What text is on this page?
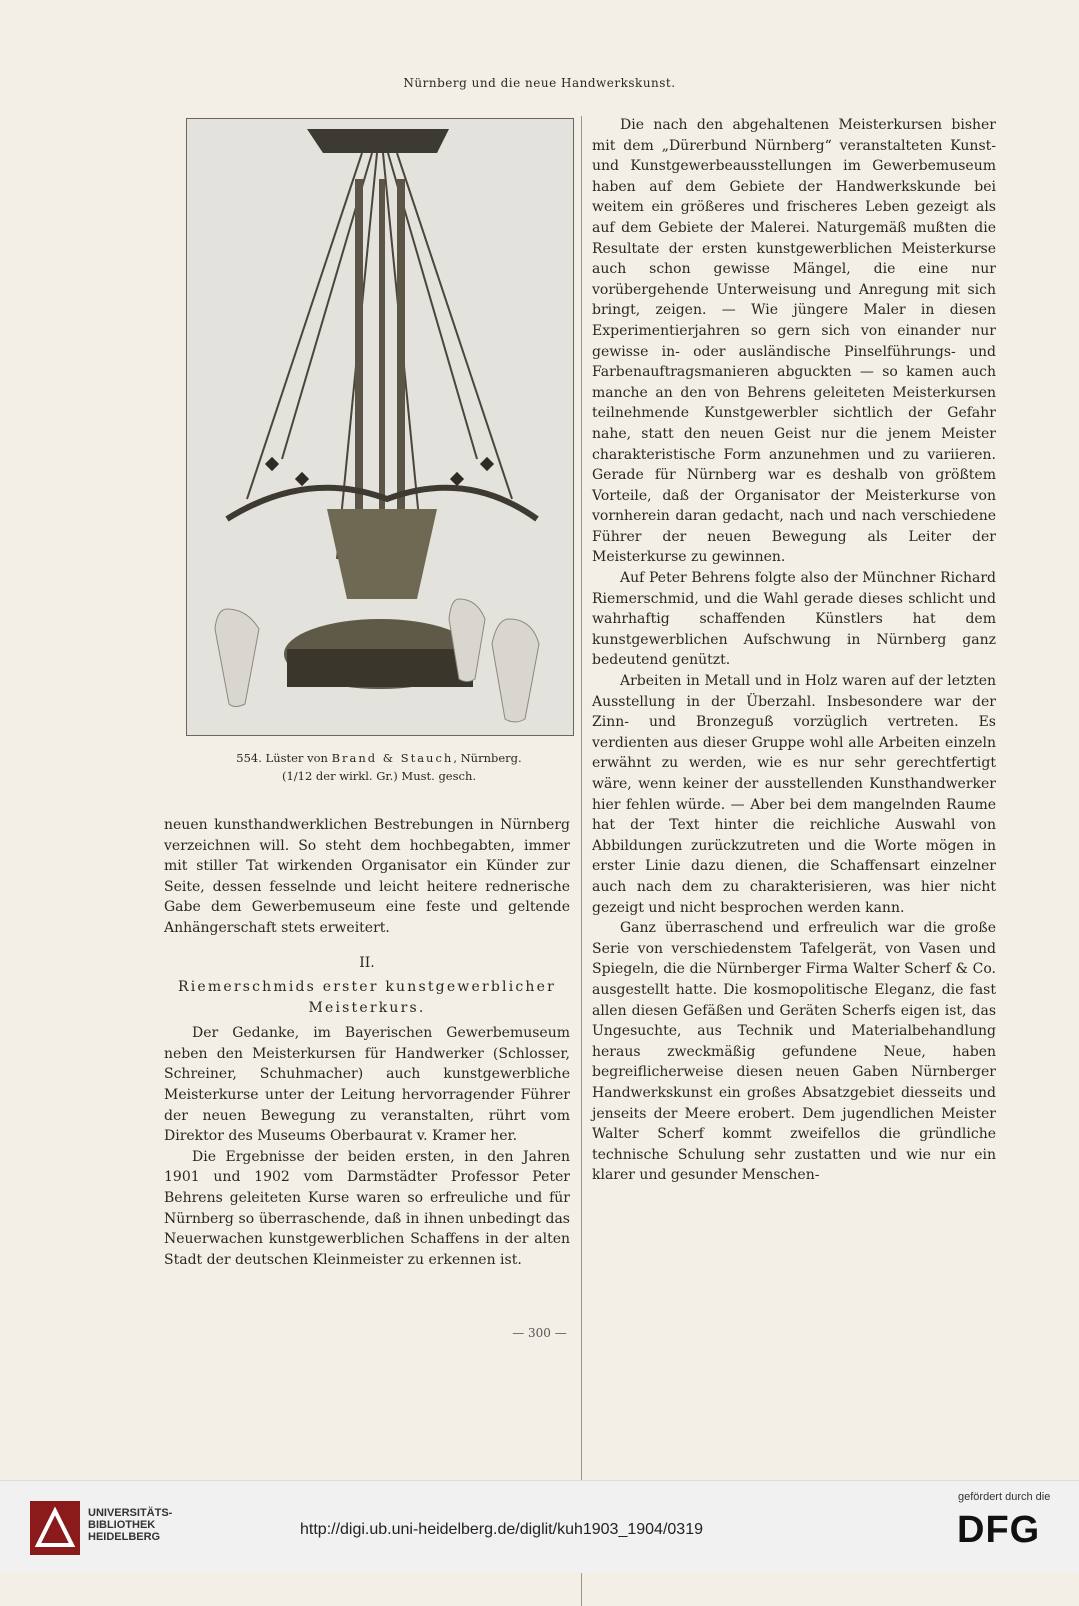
Nürnberg und die neue Handwerkskunst.
554. Lüster von Brand & Stauch, Nürnberg.
(1/12 der wirkl. Gr.) Must. gesch.

neuen kunsthandwerklichen Bestrebungen in Nürnberg verzeichnen will. So steht dem hochbegabten, immer mit stiller Tat wirkenden Organisator ein Künder zur Seite, dessen fesselnde und leicht heitere rednerische Gabe dem Gewerbemuseum eine feste und geltende Anhängerschaft stets erweitert.

II.
Riemerschmids erster kunstgewerblicher
Meisterkurs.

Der Gedanke, im Bayerischen Gewerbemuseum neben den Meisterkursen für Handwerker (Schlosser, Schreiner, Schuhmacher) auch kunstgewerbliche Meisterkurse unter der Leitung hervorragender Führer der neuen Bewegung zu veranstalten, rührt vom Direktor des Museums Oberbaurat v. Kramer her.

Die Ergebnisse der beiden ersten, in den Jahren 1901 und 1902 vom Darmstädter Professor Peter Behrens geleiteten Kurse waren so erfreuliche und für Nürnberg so überraschende, daß in ihnen unbedingt das Neuerwachen kunstgewerblichen Schaffens in der alten Stadt der deutschen Kleinmeister zu erkennen ist.

Die nach den abgehaltenen Meisterkursen bisher mit dem „Dürerbund Nürnberg“ veranstalteten Kunst- und Kunstgewerbeausstellungen im Gewerbemuseum haben auf dem Gebiete der Handwerkskunde bei weitem ein größeres und frischeres Leben gezeigt als auf dem Gebiete der Malerei. Naturgemäß mußten die Resultate der ersten kunstgewerblichen Meisterkurse auch schon gewisse Mängel, die eine nur vorübergehende Unterweisung und Anregung mit sich bringt, zeigen. — Wie jüngere Maler in diesen Experimentierjahren so gern sich von einander nur gewisse in- oder ausländische Pinselführungs- und Farbenauftragsmanieren abguckten — so kamen auch manche an den von Behrens geleiteten Meisterkursen teilnehmende Kunstgewerbler sichtlich der Gefahr nahe, statt den neuen Geist nur die jenem Meister charakteristische Form anzunehmen und zu variieren. Gerade für Nürnberg war es deshalb von größtem Vorteile, daß der Organisator der Meisterkurse von vornherein daran gedacht, nach und nach verschiedene Führer der neuen Bewegung als Leiter der Meisterkurse zu gewinnen.

Auf Peter Behrens folgte also der Münchner Richard Riemerschmid, und die Wahl gerade dieses schlicht und wahrhaftig schaffenden Künstlers hat dem kunstgewerblichen Aufschwung in Nürnberg ganz bedeutend genützt.

Arbeiten in Metall und in Holz waren auf der letzten Ausstellung in der Überzahl. Insbesondere war der Zinn- und Bronzeguß vorzüglich vertreten. Es verdienten aus dieser Gruppe wohl alle Arbeiten einzeln erwähnt zu werden, wie es nur sehr gerechtfertigt wäre, wenn keiner der ausstellenden Kunsthandwerker hier fehlen würde. — Aber bei dem mangelnden Raume hat der Text hinter die reichliche Auswahl von Abbildungen zurückzutreten und die Worte mögen in erster Linie dazu dienen, die Schaffensart einzelner auch nach dem zu charakterisieren, was hier nicht gezeigt und nicht besprochen werden kann.

Ganz überraschend und erfreulich war die große Serie von verschiedenstem Tafelgerät, von Vasen und Spiegeln, die die Nürnberger Firma Walter Scherf & Co. ausgestellt hatte. Die kosmopolitische Eleganz, die fast allen diesen Gefäßen und Geräten Scherfs eigen ist, das Ungesuchte, aus Technik und Materialbehandlung heraus zweckmäßig gefundene Neue, haben begreiflicherweise diesen neuen Gaben Nürnberger Handwerkskunst ein großes Absatzgebiet diesseits und jenseits der Meere erobert. Dem jugendlichen Meister Walter Scherf kommt zweifellos die gründliche technische Schulung sehr zustatten und wie nur ein klarer und gesunder Menschen-

— 300 —
UNIVERSITÄTS-
BIBLIOTHEK
HEIDELBERG	http://digi.ub.uni-heidelberg.de/diglit/kuh1903_1904/0319
gefördert durch die
DFG
